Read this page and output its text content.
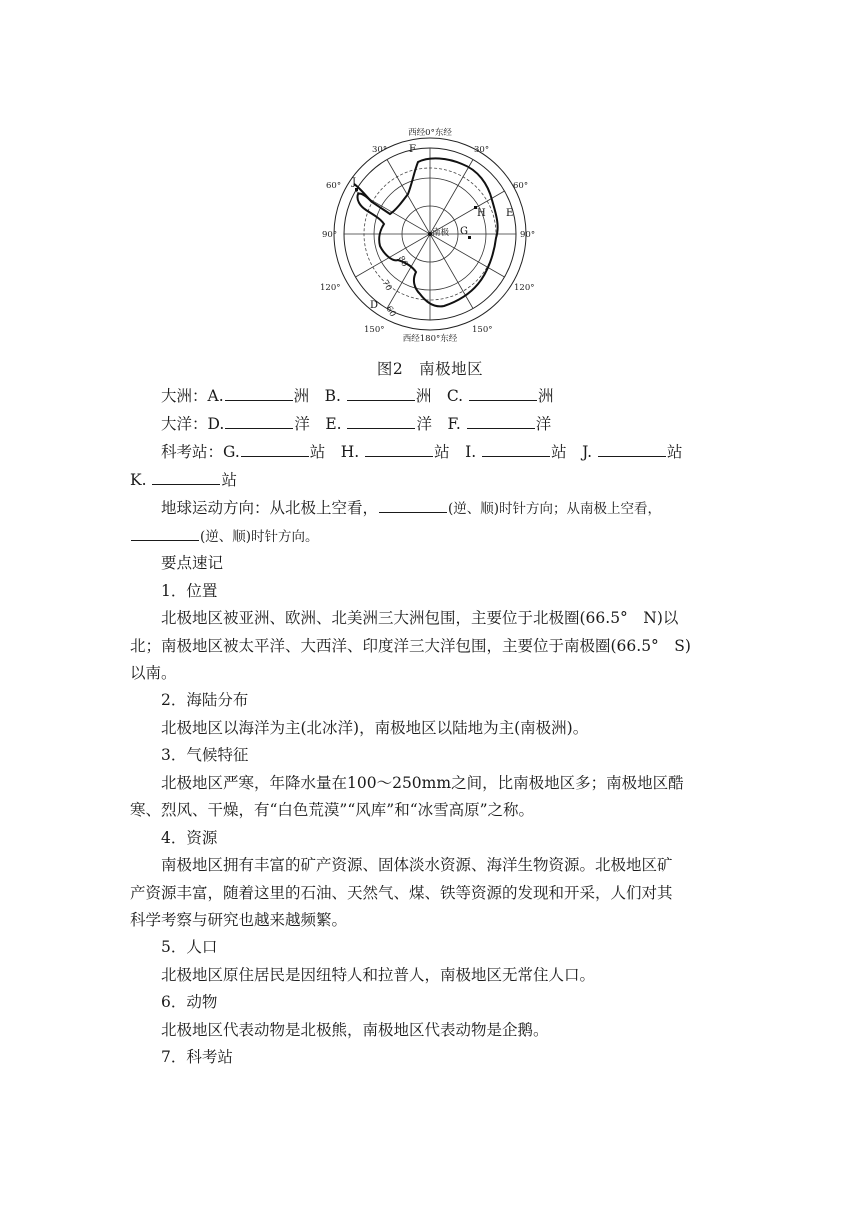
西经0°东经
西经180°东经
30°	30°
60°	60°
90°	90°
120°	120°
150°	150°
南极
80
70
60
F
J
H E
G
D
图2　南极地区
大洲：A.	洲　B.	洲　C.	洲
大洋：D.	洋　E.	洋　F.	洋
科考站：G.	站　H.	站　I.	站　J.	站
K.	站
地球运动方向：从北极上空看，	(逆、顺)时针方向；从南极上空看，
(逆、顺)时针方向。
要点速记
1．位置
北极地区被亚洲、欧洲、北美洲三大洲包围，主要位于北极圈(66.5°　N)以
北；南极地区被太平洋、大西洋、印度洋三大洋包围，主要位于南极圈(66.5°　S)
以南。
2．海陆分布
北极地区以海洋为主(北冰洋)，南极地区以陆地为主(南极洲)。
3．气候特征
北极地区严寒，年降水量在100～250mm之间，比南极地区多；南极地区酷
寒、烈风、干燥，有“白色荒漠”“风库”和“冰雪高原”之称。
4．资源
南极地区拥有丰富的矿产资源、固体淡水资源、海洋生物资源。北极地区矿
产资源丰富，随着这里的石油、天然气、煤、铁等资源的发现和开采，人们对其
科学考察与研究也越来越频繁。
5．人口
北极地区原住居民是因纽特人和拉普人，南极地区无常住人口。
6．动物
北极地区代表动物是北极熊，南极地区代表动物是企鹅。
7．科考站
